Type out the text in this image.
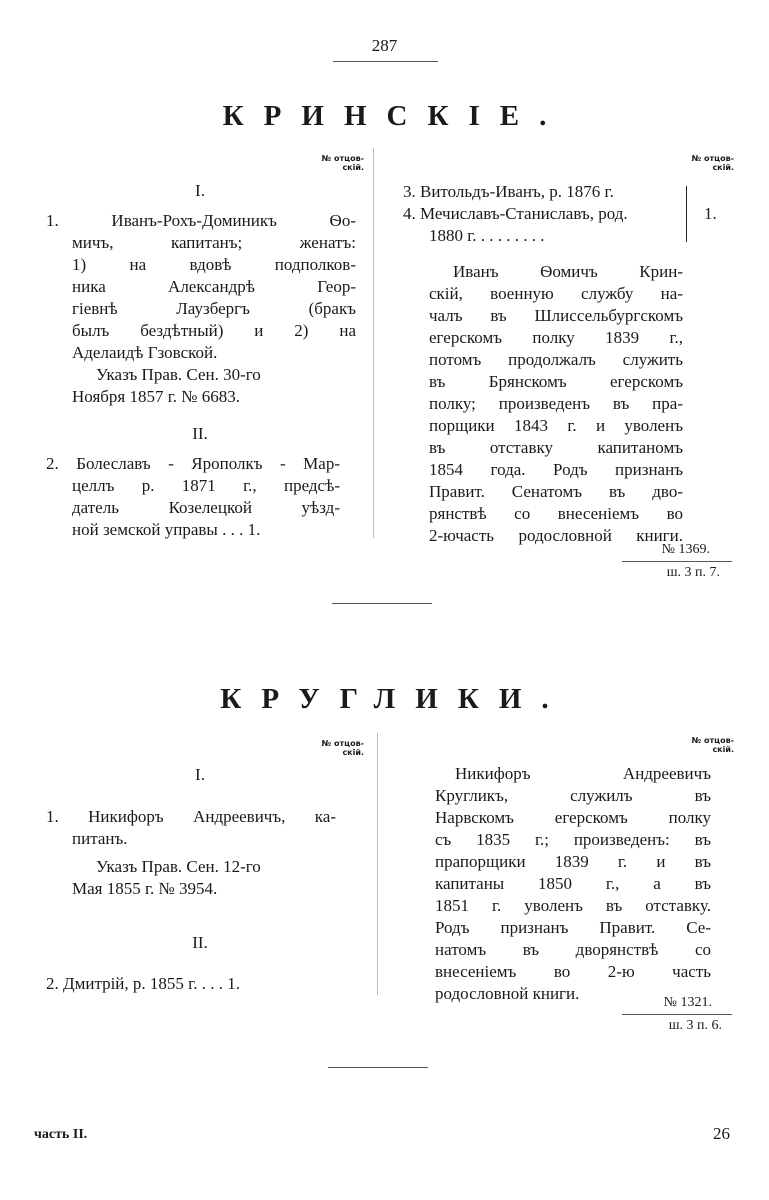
287
КРИНСКІЕ.
№ отцов-
скій.
I.
1. Иванъ-Рохъ-Доминикъ Ѳо-
мичъ, капитанъ; женатъ:
1) на вдовѣ подполков-
ника Александрѣ Геор-
гіевнѣ Лаузбергъ (бракъ
былъ бездѣтный) и 2) на
Аделаидѣ Гзовской.
Указъ Прав. Сен. 30-го
Ноября 1857 г. № 6683.
II.
2. Болеславъ - Ярополкъ - Мар-
целлъ р. 1871 г., предсѣ-
датель Козелецкой уѣзд-
ной земской управы . . . 1.
№ отцов-
скій.
3. Витольдъ-Иванъ, р. 1876 г.
4. Мечиславъ-Станиславъ, род.
1880 г. . . . . . . . .
1.
Иванъ Ѳомичъ Крин-
скій, военную службу на-
чалъ въ Шлиссельбургскомъ
егерскомъ полку 1839 г.,
потомъ продолжалъ служить
въ Брянскомъ егерскомъ
полку; произведенъ въ пра-
порщики 1843 г. и уволенъ
въ отставку капитаномъ
1854 года. Родъ признанъ
Правит. Сенатомъ въ дво-
рянствѣ со внесеніемъ во
2-ючасть родословной книги.
№ 1369.
ш. 3 п. 7.
КРУГЛИКИ.
№ отцов-
скій.
I.
1. Никифоръ Андреевичъ, ка-
питанъ.
Указъ Прав. Сен. 12-го
Мая 1855 г. № 3954.
II.
2. Дмитрій, р. 1855 г. . . . 1.
№ отцов-
скій.
Никифоръ Андреевичъ
Кругликъ, служилъ въ
Нарвскомъ егерскомъ полку
съ 1835 г.; произведенъ: въ
прапорщики 1839 г. и въ
капитаны 1850 г., а въ
1851 г. уволенъ въ отставку.
Родъ признанъ Правит. Се-
натомъ въ дворянствѣ со
внесеніемъ во 2-ю часть
родословной книги.	№ 1321.
ш. 3 п. 6.
часть II.	26
